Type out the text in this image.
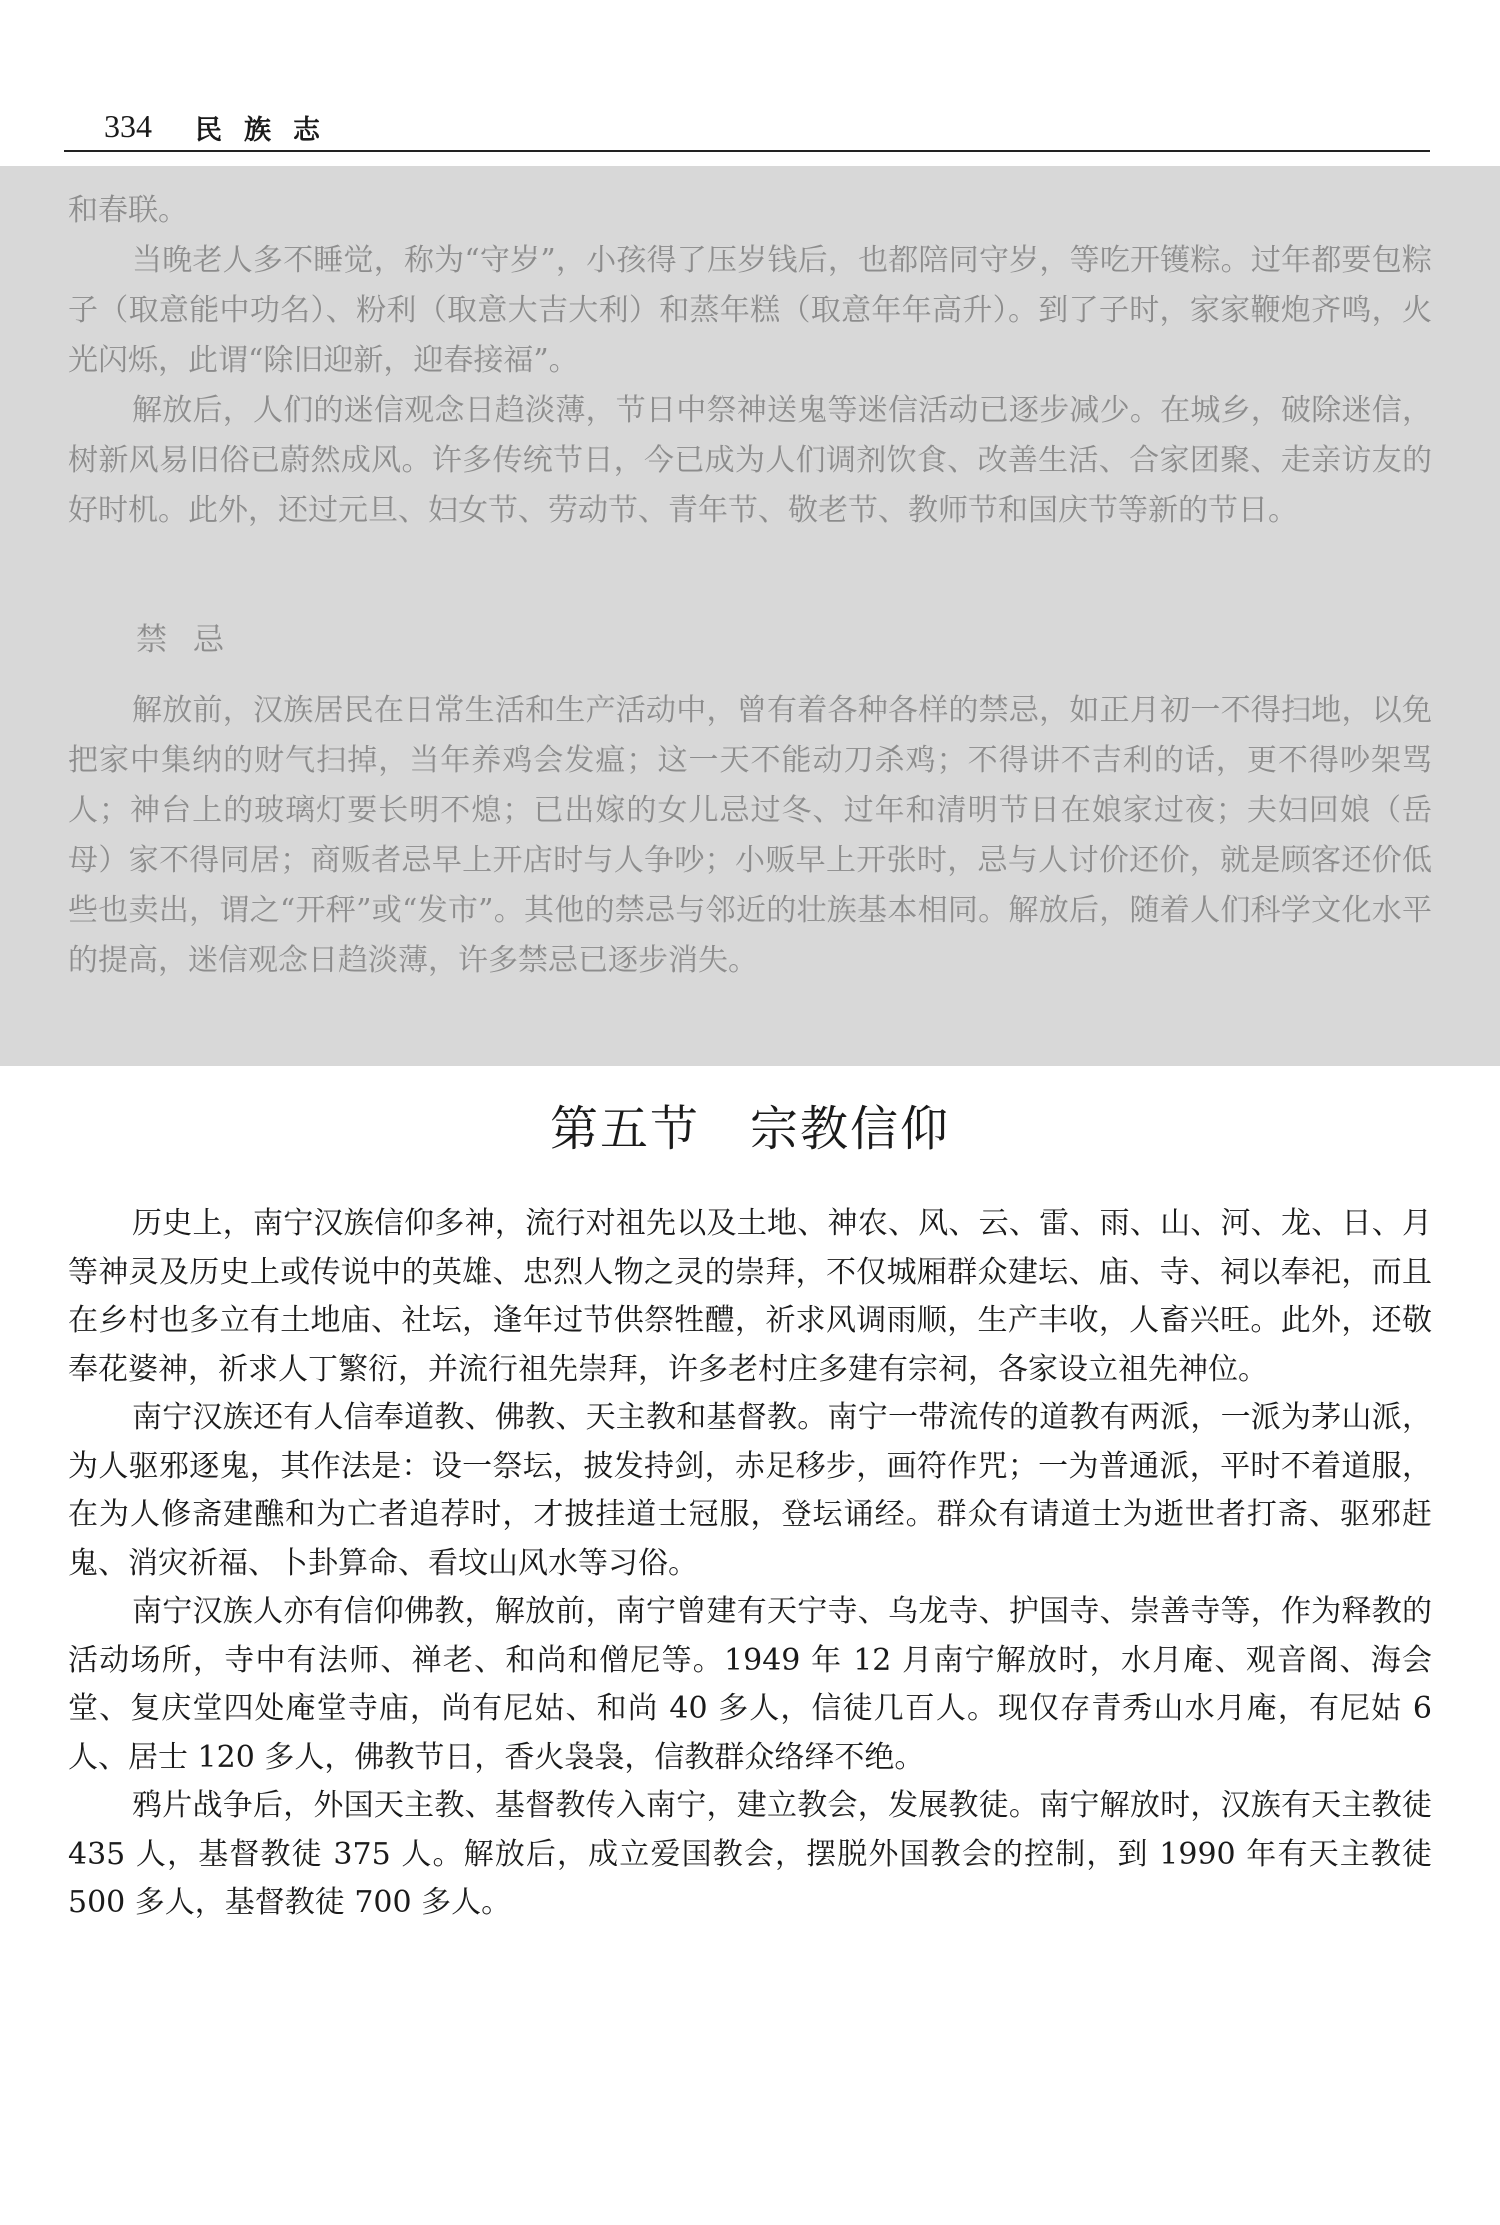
334 民族志

和春联。

当晚老人多不睡觉，称为“守岁”，小孩得了压岁钱后，也都陪同守岁，等吃开镬粽。过年都要包粽子（取意能中功名）、粉利（取意大吉大利）和蒸年糕（取意年年高升）。到了子时，家家鞭炮齐鸣，火光闪烁，此谓“除旧迎新，迎春接福”。

解放后，人们的迷信观念日趋淡薄，节日中祭神送鬼等迷信活动已逐步减少。在城乡，破除迷信，树新风易旧俗已蔚然成风。许多传统节日，今已成为人们调剂饮食、改善生活、合家团聚、走亲访友的好时机。此外，还过元旦、妇女节、劳动节、青年节、敬老节、教师节和国庆节等新的节日。

禁忌

解放前，汉族居民在日常生活和生产活动中，曾有着各种各样的禁忌，如正月初一不得扫地，以免把家中集纳的财气扫掉，当年养鸡会发瘟；这一天不能动刀杀鸡；不得讲不吉利的话，更不得吵架骂人；神台上的玻璃灯要长明不熄；已出嫁的女儿忌过冬、过年和清明节日在娘家过夜；夫妇回娘（岳母）家不得同居；商贩者忌早上开店时与人争吵；小贩早上开张时，忌与人讨价还价，就是顾客还价低些也卖出，谓之“开秤”或“发市”。其他的禁忌与邻近的壮族基本相同。解放后，随着人们科学文化水平的提高，迷信观念日趋淡薄，许多禁忌已逐步消失。

第五节 宗教信仰

历史上，南宁汉族信仰多神，流行对祖先以及土地、神农、风、云、雷、雨、山、河、龙、日、月等神灵及历史上或传说中的英雄、忠烈人物之灵的崇拜，不仅城厢群众建坛、庙、寺、祠以奉祀，而且在乡村也多立有土地庙、社坛，逢年过节供祭牲醴，祈求风调雨顺，生产丰收，人畜兴旺。此外，还敬奉花婆神，祈求人丁繁衍，并流行祖先崇拜，许多老村庄多建有宗祠，各家设立祖先神位。

南宁汉族还有人信奉道教、佛教、天主教和基督教。南宁一带流传的道教有两派，一派为茅山派，为人驱邪逐鬼，其作法是：设一祭坛，披发持剑，赤足移步，画符作咒；一为普通派，平时不着道服，在为人修斋建醮和为亡者追荐时，才披挂道士冠服，登坛诵经。群众有请道士为逝世者打斋、驱邪赶鬼、消灾祈福、卜卦算命、看坟山风水等习俗。

南宁汉族人亦有信仰佛教，解放前，南宁曾建有天宁寺、乌龙寺、护国寺、崇善寺等，作为释教的活动场所，寺中有法师、禅老、和尚和僧尼等。1949 年 12 月南宁解放时，水月庵、观音阁、海会堂、复庆堂四处庵堂寺庙，尚有尼姑、和尚 40 多人，信徒几百人。现仅存青秀山水月庵，有尼姑 6 人、居士 120 多人，佛教节日，香火袅袅，信教群众络绎不绝。

鸦片战争后，外国天主教、基督教传入南宁，建立教会，发展教徒。南宁解放时，汉族有天主教徒 435 人，基督教徒 375 人。解放后，成立爱国教会，摆脱外国教会的控制，到 1990 年有天主教徒 500 多人，基督教徒 700 多人。
